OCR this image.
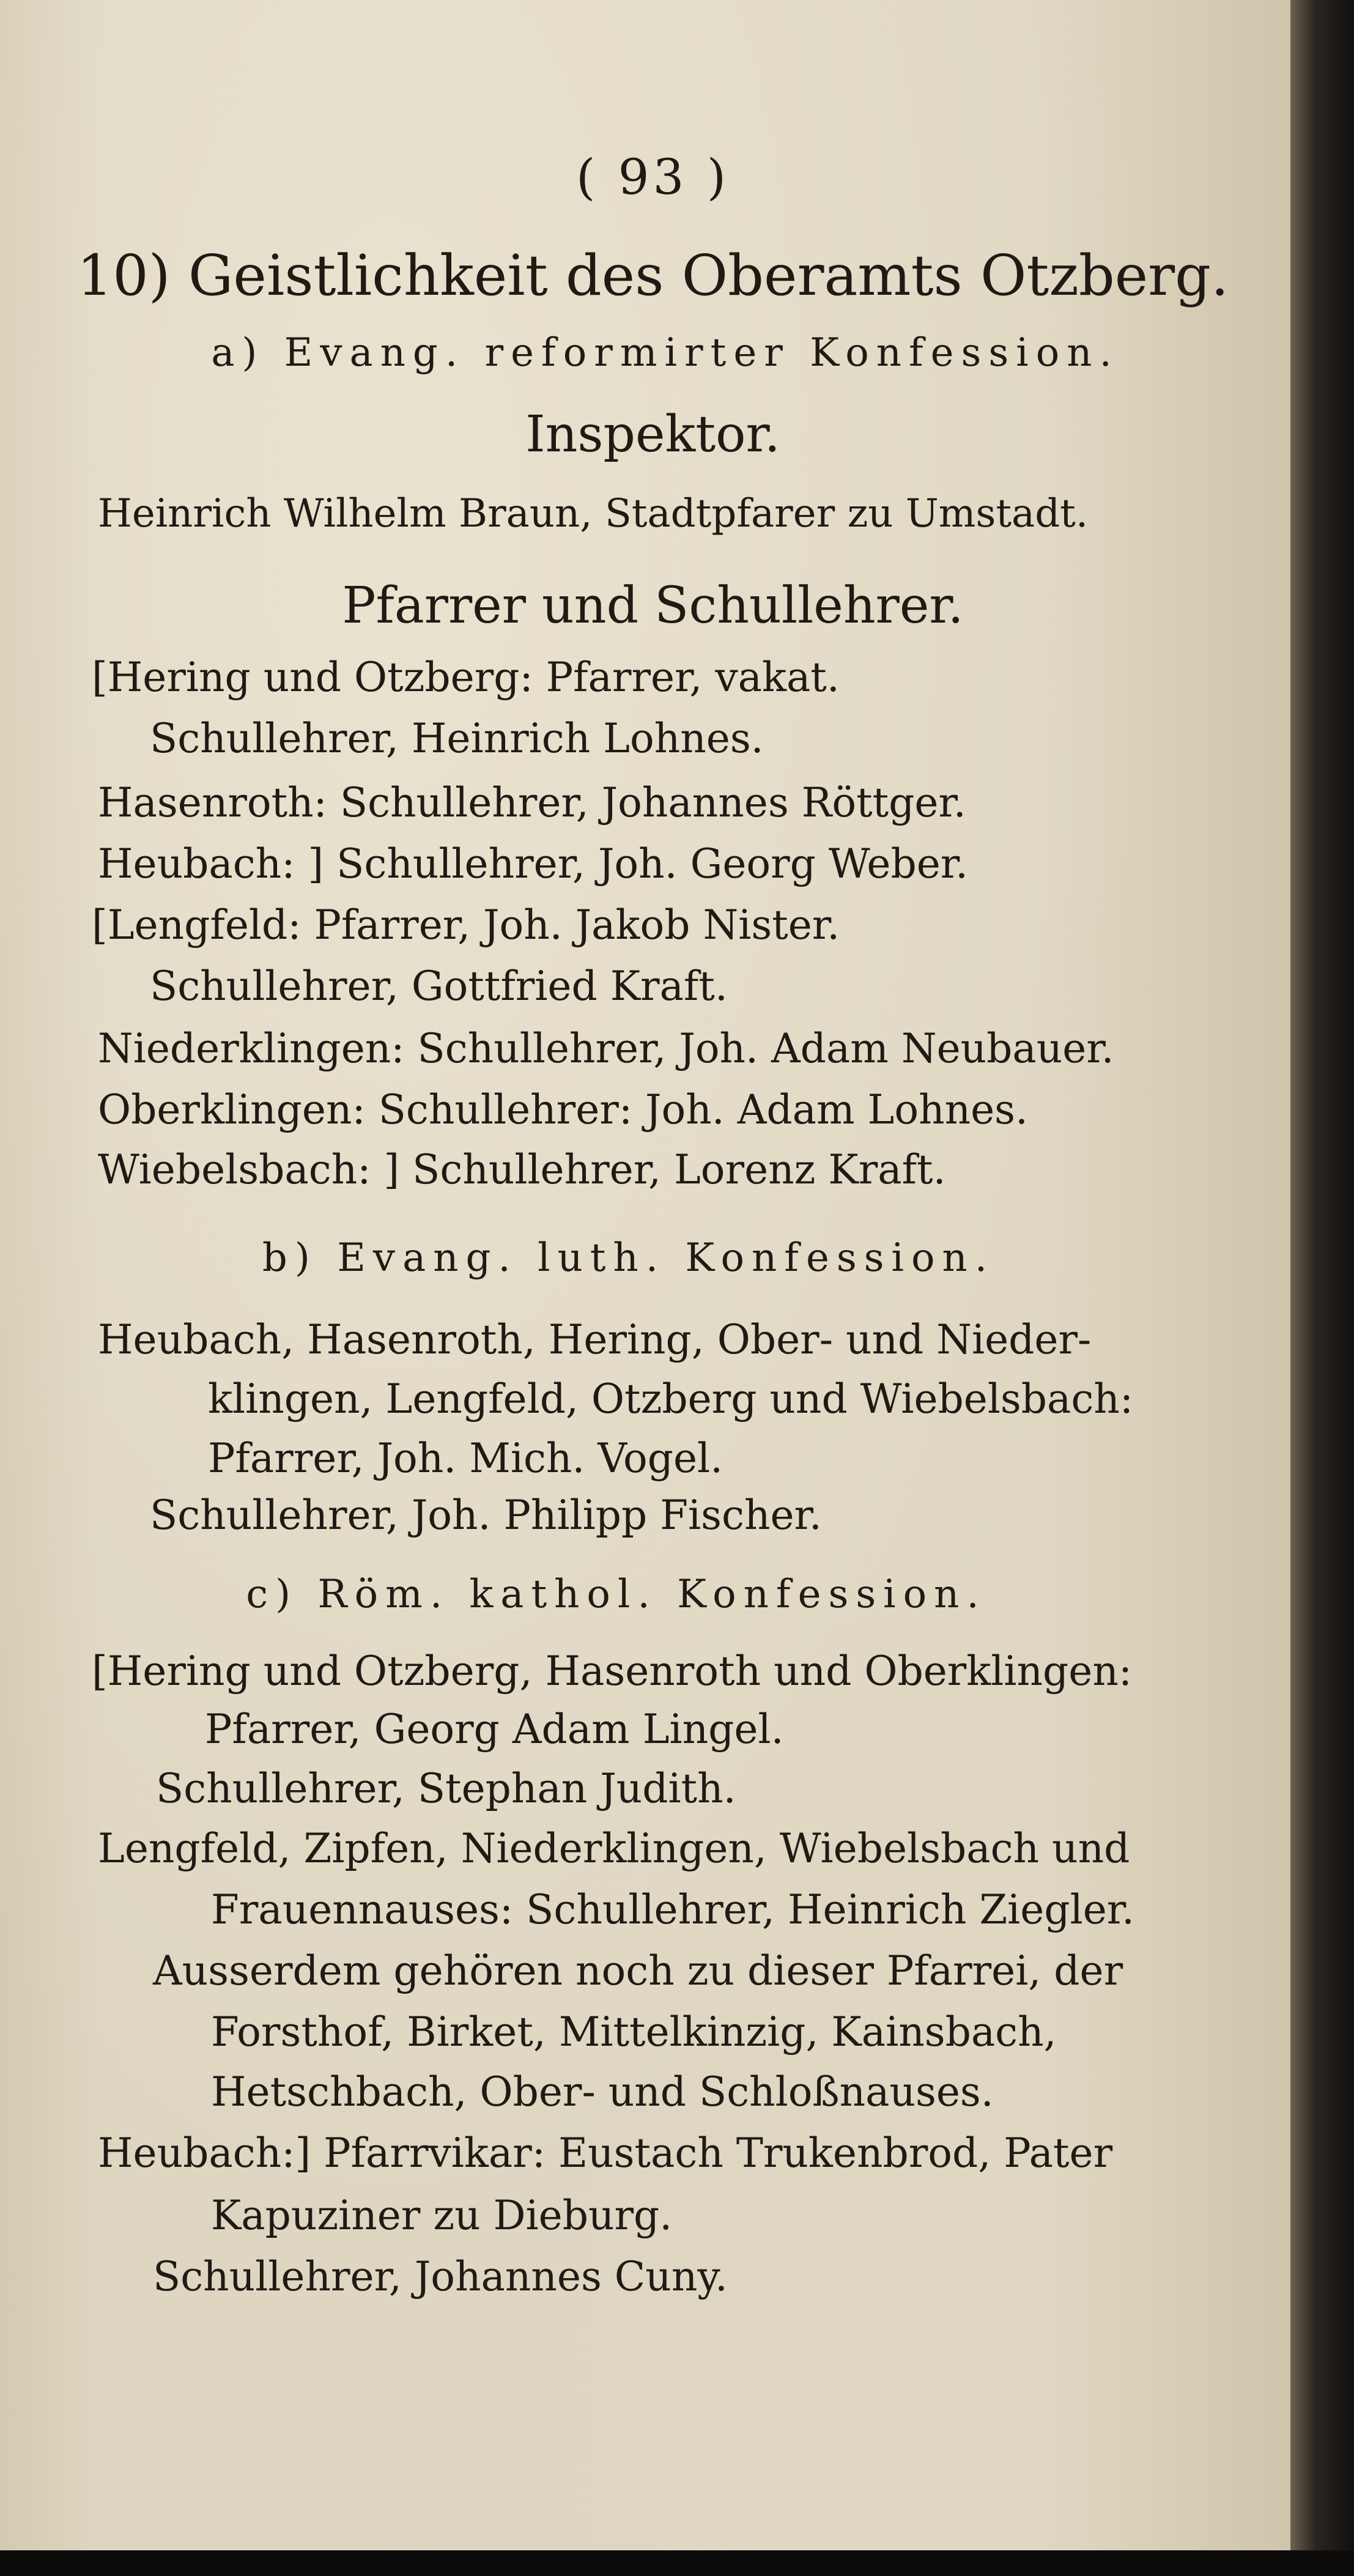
( 93 )
10) Geistlichkeit des Oberamts Otzberg.
a) Evang. reformirter Konfession.
Inspektor.
Heinrich Wilhelm Braun, Stadtpfarer zu Umstadt.
Pfarrer und Schullehrer.
[Hering und Otzberg: Pfarrer, vakat.
Schullehrer, Heinrich Lohnes.
Hasenroth: Schullehrer, Johannes Röttger.
Heubach: ] Schullehrer, Joh. Georg Weber.
[Lengfeld: Pfarrer, Joh. Jakob Nister.
Schullehrer, Gottfried Kraft.
Niederklingen: Schullehrer, Joh. Adam Neubauer.
Oberklingen: Schullehrer: Joh. Adam Lohnes.
Wiebelsbach: ] Schullehrer, Lorenz Kraft.
b) Evang. luth. Konfession.
Heubach, Hasenroth, Hering, Ober- und Nieder-
klingen, Lengfeld, Otzberg und Wiebelsbach:
Pfarrer, Joh. Mich. Vogel.
Schullehrer, Joh. Philipp Fischer.
c) Röm. kathol. Konfession.
[Hering und Otzberg, Hasenroth und Oberklingen:
Pfarrer, Georg Adam Lingel.
Schullehrer, Stephan Judith.
Lengfeld, Zipfen, Niederklingen, Wiebelsbach und
Frauennauses: Schullehrer, Heinrich Ziegler.
Ausserdem gehören noch zu dieser Pfarrei, der
Forsthof, Birket, Mittelkinzig, Kainsbach,
Hetschbach, Ober- und Schloßnauses.
Heubach:] Pfarrvikar: Eustach Trukenbrod, Pater
Kapuziner zu Dieburg.
Schullehrer, Johannes Cuny.
